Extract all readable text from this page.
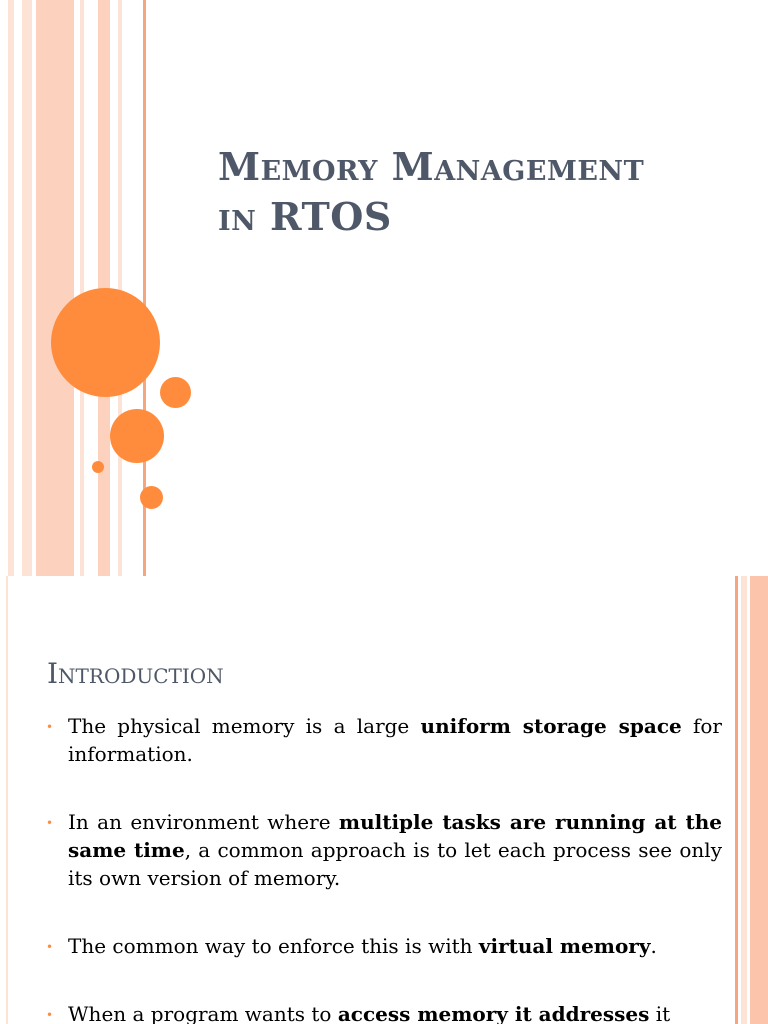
Memory Management
in RTOS
Introduction
• The physical memory is a large uniform storage space for information.
• In an environment where multiple tasks are running at the same time, a common approach is to let each process see only its own version of memory.
• The common way to enforce this is with virtual memory.
• When a program wants to access memory it addresses it
